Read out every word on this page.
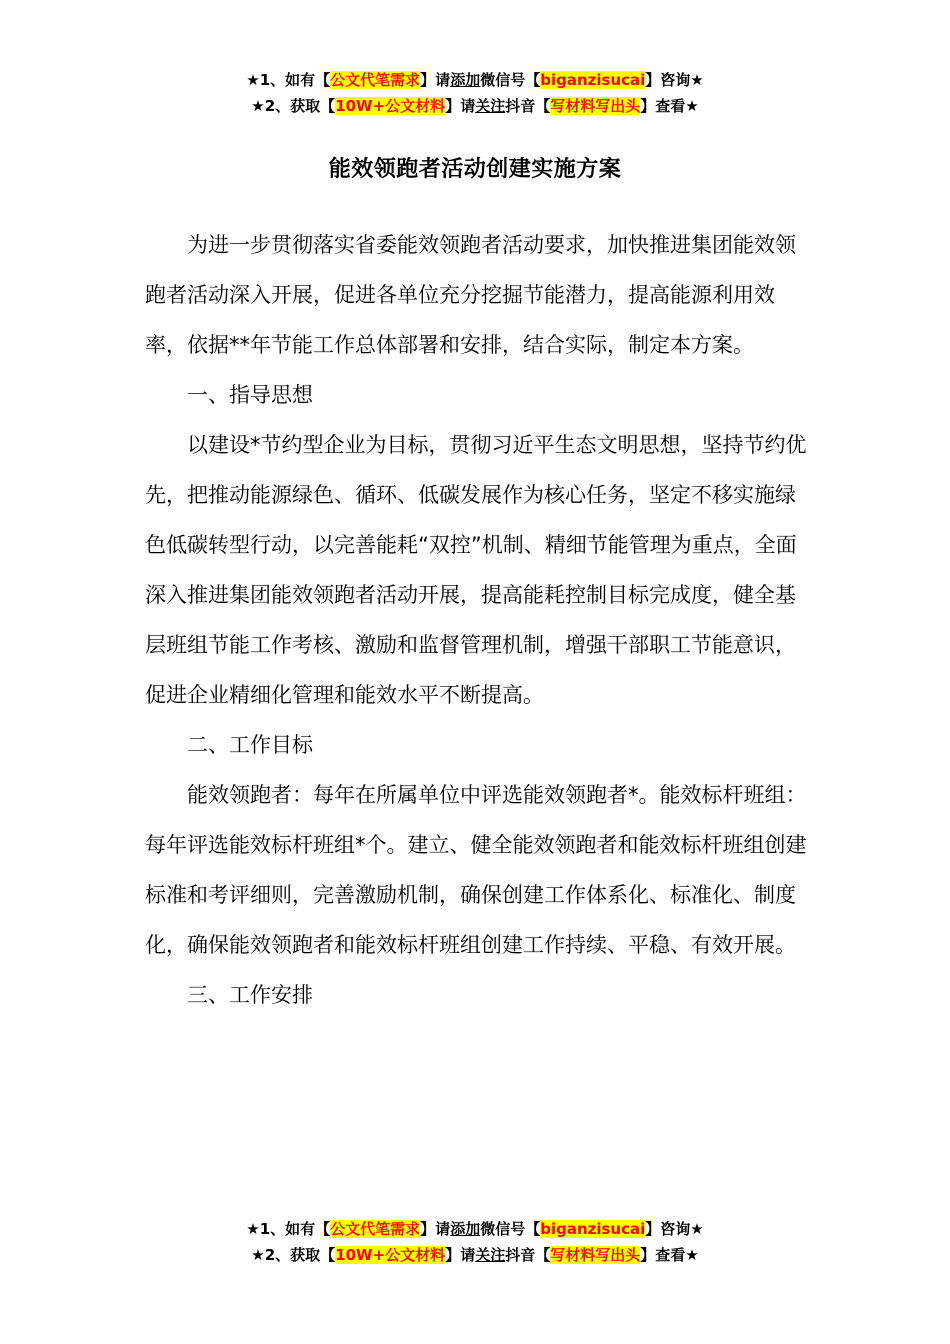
★1、如有【公文代笔需求】请添加微信号【biganzisucai】咨询★
★2、获取【10W+公文材料】请关注抖音【写材料写出头】查看★
能效领跑者活动创建实施方案

为进一步贯彻落实省委能效领跑者活动要求，加快推进集团能效领跑者活动深入开展，促进各单位充分挖掘节能潜力，提高能源利用效率，依据**年节能工作总体部署和安排，结合实际，制定本方案。

一、指导思想

以建设*节约型企业为目标，贯彻习近平生态文明思想，坚持节约优先，把推动能源绿色、循环、低碳发展作为核心任务，坚定不移实施绿色低碳转型行动，以完善能耗“双控”机制、精细节能管理为重点，全面深入推进集团能效领跑者活动开展，提高能耗控制目标完成度，健全基层班组节能工作考核、激励和监督管理机制，增强干部职工节能意识，促进企业精细化管理和能效水平不断提高。

二、工作目标

能效领跑者：每年在所属单位中评选能效领跑者*。能效标杆班组：每年评选能效标杆班组*个。建立、健全能效领跑者和能效标杆班组创建标准和考评细则，完善激励机制，确保创建工作体系化、标准化、制度化，确保能效领跑者和能效标杆班组创建工作持续、平稳、有效开展。

三、工作安排

★1、如有【公文代笔需求】请添加微信号【biganzisucai】咨询★
★2、获取【10W+公文材料】请关注抖音【写材料写出头】查看★
